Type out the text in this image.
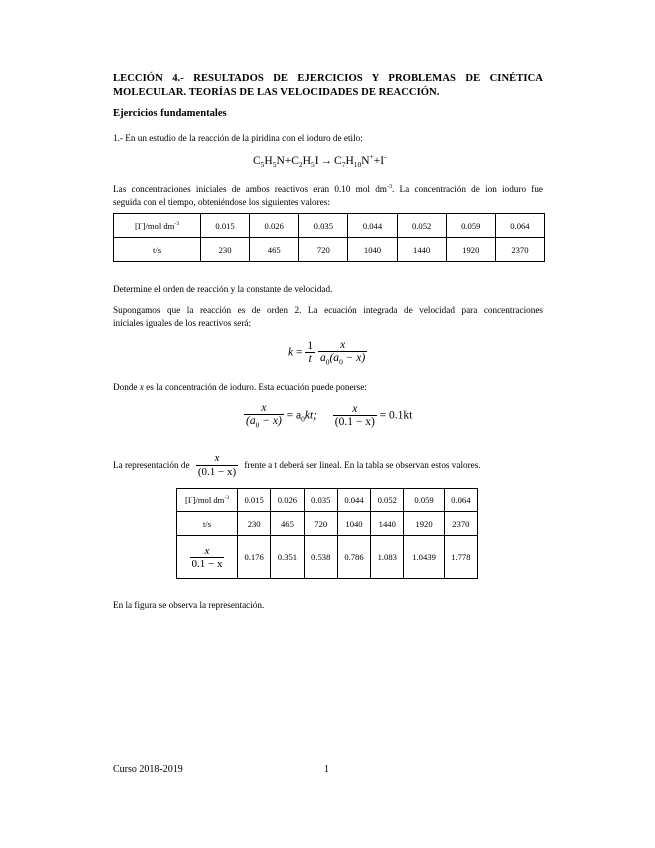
LECCIÓN 4.- RESULTADOS DE EJERCICIOS Y PROBLEMAS DE CINÉTICA
MOLECULAR. TEORÍAS DE LAS VELOCIDADES DE REACCIÓN.
Ejercicios fundamentales
1.- En un estudio de la reacción de la piridina con el ioduro de etilo:
$C_5H_5N+C_2H_5I \to C_7H_{10}N^++I^-$
Las concentraciones iniciales de ambos reactivos eran 0.10 mol $dm^{-3}$. La concentración de ion ioduro fue
seguida con el tiempo, obteniéndose los siguientes valores:
[I-]/mol $dm^{-3}$	0.015	0.026	0.035	0.044	0.052	0.059	0.064
t/s	230	465	720	1040	1440	1920	2370
Determine el orden de reacción y la constante de velocidad.
Supongamos que la reacción es de orden 2. La ecuación integrada de velocidad para concentraciones
iniciales iguales de los reactivos será:
$k = \frac{1}{t}$
$\frac{x}{a_0(a_0 - x)}$
Donde x es la concentración de ioduro. Esta ecuación puede ponerse:
$\frac{x}{(a_0 - x)} = a_0kt$; $\frac{x}{(0.1 - x)} = 0.1kt$
La representación de $\frac{x}{(0.1 - x)}$ frente a t deberá ser lineal. En la tabla se observan estos valores.
[I-]/mol $dm^{-3}$	0.015	0.026	0.035	0.044	0.052	0.059	0.064
t/s	230	465	720	1040	1440	1920	2370

$\frac{x}{0.1 - x}$	0.176	0.351	0.538	0.786	1.083	1.0439	1.778
En la figura se observa la representación.
Curso 2018-2019	1
